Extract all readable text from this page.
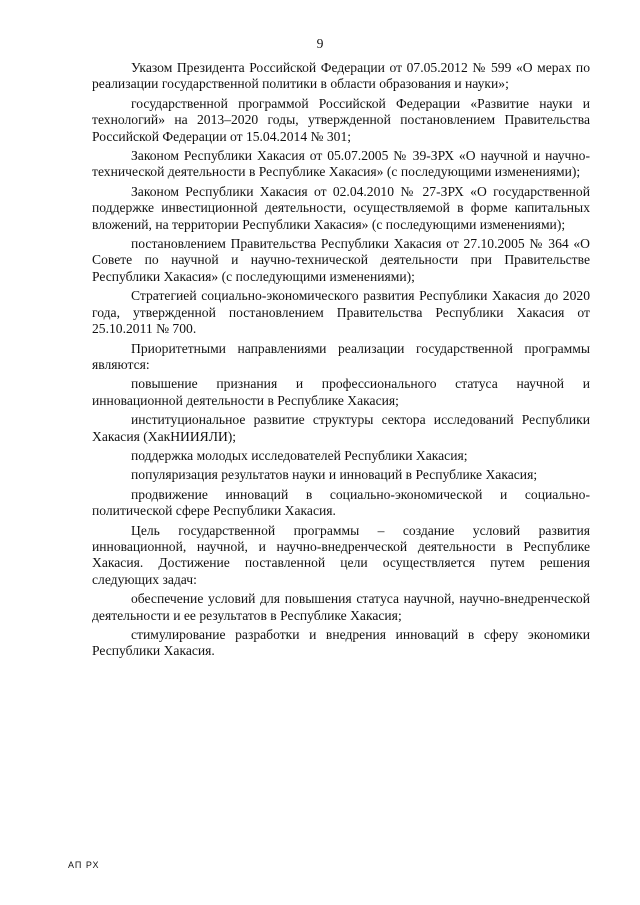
9

Указом Президента Российской Федерации от 07.05.2012 № 599 «О мерах по реализации государственной политики в области образования и науки»;

государственной программой Российской Федерации «Развитие науки и технологий» на 2013–2020 годы, утвержденной постановлением Правительства Российской Федерации от 15.04.2014 № 301;

Законом Республики Хакасия от 05.07.2005 № 39-ЗРХ «О научной и научно-технической деятельности в Республике Хакасия» (с последующими изменениями);

Законом Республики Хакасия от 02.04.2010 № 27-ЗРХ «О государственной поддержке инвестиционной деятельности, осуществляемой в форме капитальных вложений, на территории Республики Хакасия» (с последующими изменениями);

постановлением Правительства Республики Хакасия от 27.10.2005 № 364 «О Совете по научной и научно-технической деятельности при Правительстве Республики Хакасия» (с последующими изменениями);

Стратегией социально-экономического развития Республики Хакасия до 2020 года, утвержденной постановлением Правительства Республики Хакасия от 25.10.2011 № 700.

Приоритетными направлениями реализации государственной программы являются:

повышение признания и профессионального статуса научной и инновационной деятельности в Республике Хакасия;

институциональное развитие структуры сектора исследований Республики Хакасия (ХакНИИЯЛИ);

поддержка молодых исследователей Республики Хакасия;

популяризация результатов науки и инноваций в Республике Хакасия;

продвижение инноваций в социально-экономической и социально-политической сфере Республики Хакасия.

Цель государственной программы – создание условий развития инновационной, научной, и научно-внедренческой деятельности в Республике Хакасия. Достижение поставленной цели осуществляется путем решения следующих задач:

обеспечение условий для повышения статуса научной, научно-внедренческой деятельности и ее результатов в Республике Хакасия;

стимулирование разработки и внедрения инноваций в сферу экономики Республики Хакасия.

АП РХ
